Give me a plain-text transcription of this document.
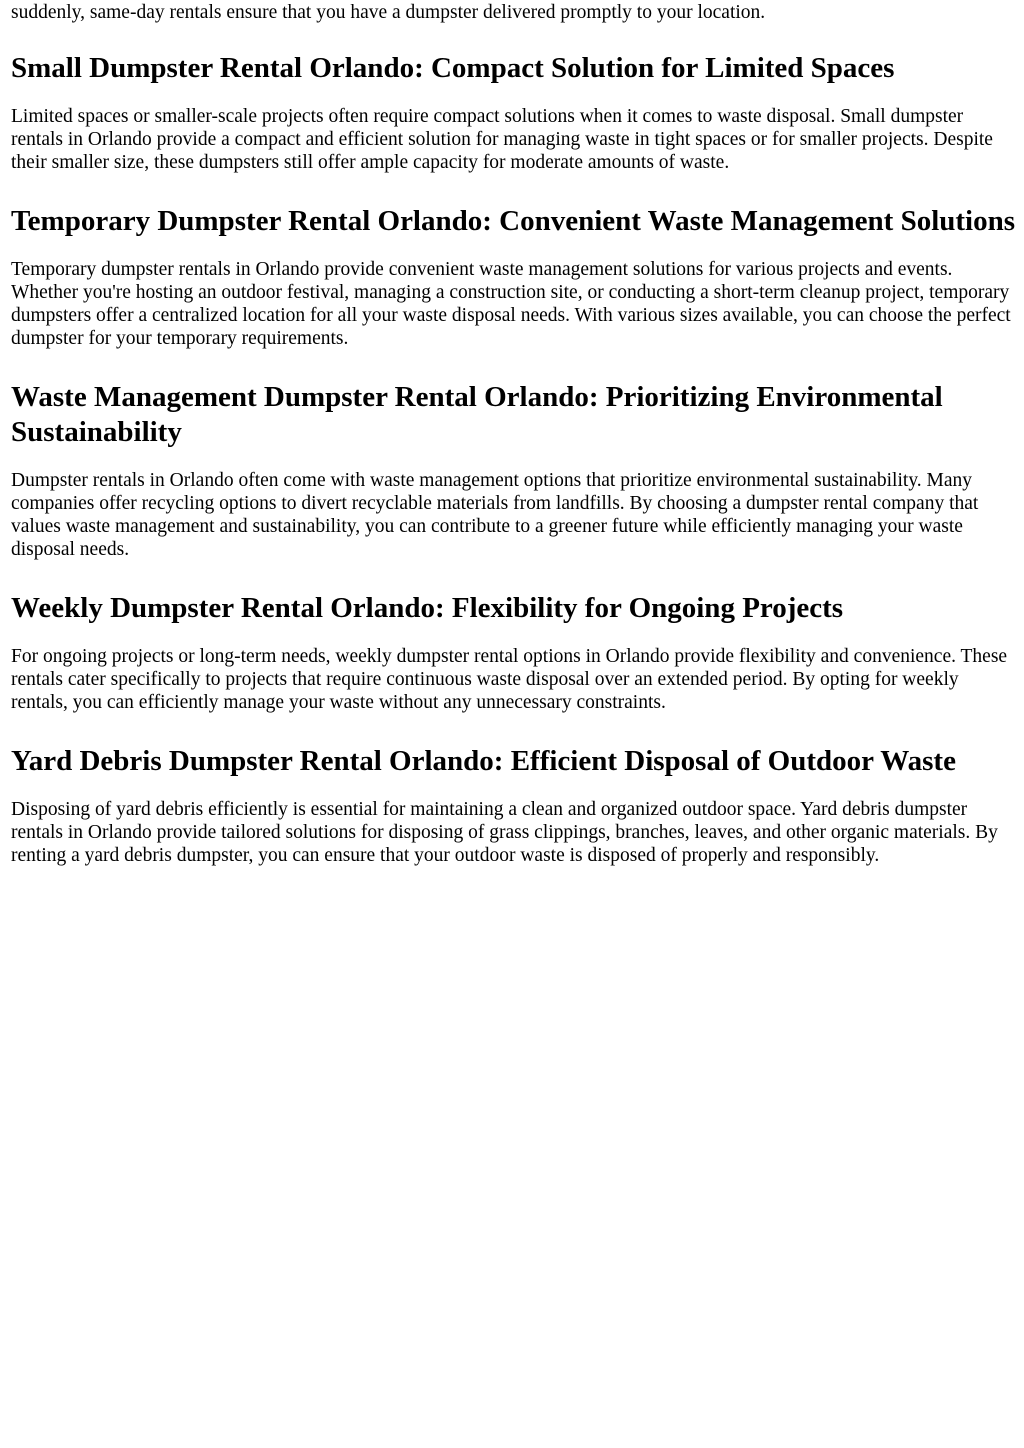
suddenly, same-day rentals ensure that you have a dumpster delivered promptly to your location.

Small Dumpster Rental Orlando: Compact Solution for Limited Spaces

Limited spaces or smaller-scale projects often require compact solutions when it comes to waste disposal. Small dumpster rentals in Orlando provide a compact and efficient solution for managing waste in tight spaces or for smaller projects. Despite their smaller size, these dumpsters still offer ample capacity for moderate amounts of waste.

Temporary Dumpster Rental Orlando: Convenient Waste Management Solutions

Temporary dumpster rentals in Orlando provide convenient waste management solutions for various projects and events. Whether you're hosting an outdoor festival, managing a construction site, or conducting a short-term cleanup project, temporary dumpsters offer a centralized location for all your waste disposal needs. With various sizes available, you can choose the perfect dumpster for your temporary requirements.

Waste Management Dumpster Rental Orlando: Prioritizing Environmental Sustainability

Dumpster rentals in Orlando often come with waste management options that prioritize environmental sustainability. Many companies offer recycling options to divert recyclable materials from landfills. By choosing a dumpster rental company that values waste management and sustainability, you can contribute to a greener future while efficiently managing your waste disposal needs.

Weekly Dumpster Rental Orlando: Flexibility for Ongoing Projects

For ongoing projects or long-term needs, weekly dumpster rental options in Orlando provide flexibility and convenience. These rentals cater specifically to projects that require continuous waste disposal over an extended period. By opting for weekly rentals, you can efficiently manage your waste without any unnecessary constraints.

Yard Debris Dumpster Rental Orlando: Efficient Disposal of Outdoor Waste

Disposing of yard debris efficiently is essential for maintaining a clean and organized outdoor space. Yard debris dumpster rentals in Orlando provide tailored solutions for disposing of grass clippings, branches, leaves, and other organic materials. By renting a yard debris dumpster, you can ensure that your outdoor waste is disposed of properly and responsibly.
